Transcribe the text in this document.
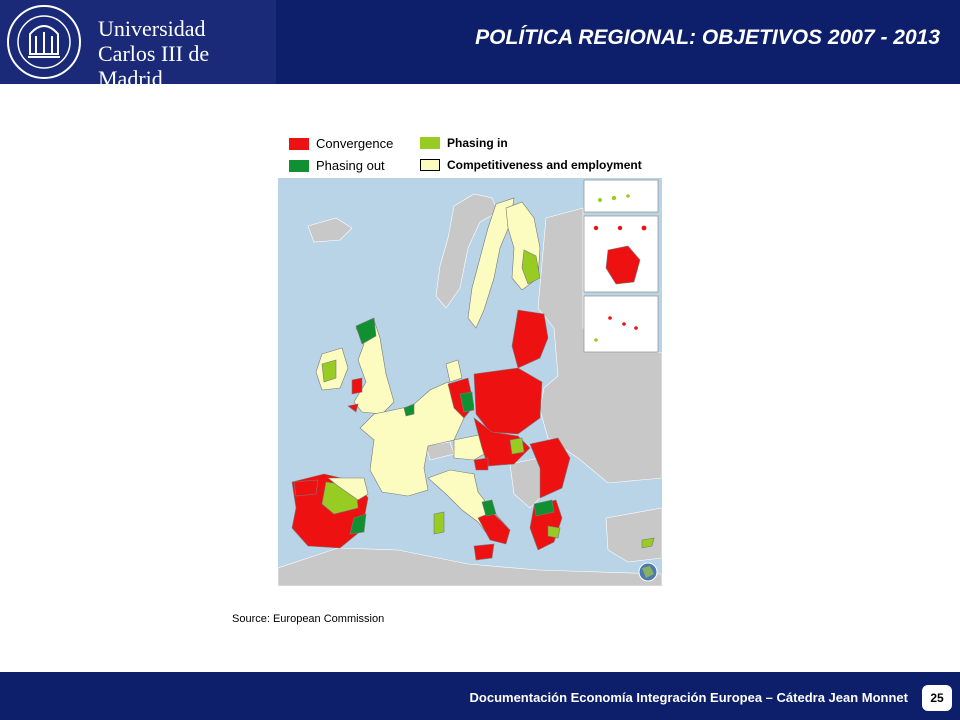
Universidad
Carlos III de Madrid
POLÍTICA REGIONAL: OBJETIVOS 2007 - 2013
Convergence
Phasing out
Phasing in
Competitiveness and employment
Source: European Commission
Documentación Economía Integración Europea – Cátedra Jean Monnet	25
